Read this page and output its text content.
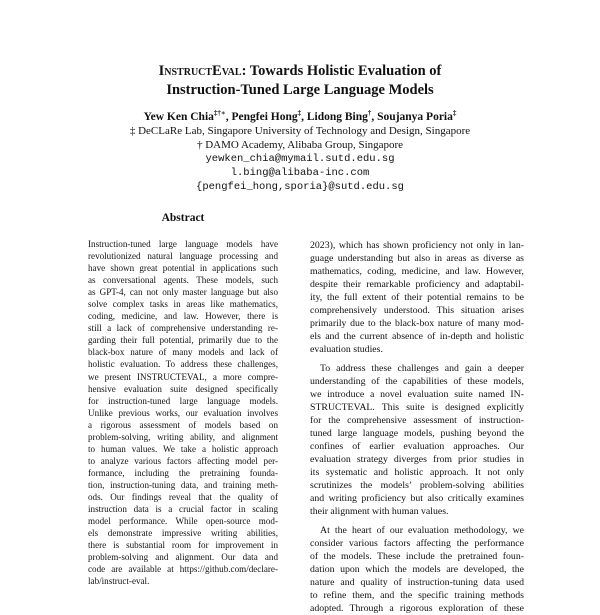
InstructEval: Towards Holistic Evaluation of
Instruction-Tuned Large Language Models
Yew Ken Chia‡†∗, Pengfei Hong‡, Lidong Bing†, Soujanya Poria‡
‡ DeCLaRe Lab, Singapore University of Technology and Design, Singapore
† DAMO Academy, Alibaba Group, Singapore
yewken_chia@mymail.sutd.edu.sg
l.bing@alibaba-inc.com
{pengfei_hong,sporia}@sutd.edu.sg
Abstract
Instruction-tuned large language models have
revolutionized natural language processing and
have shown great potential in applications such
as conversational agents. These models, such
as GPT-4, can not only master language but also
solve complex tasks in areas like mathematics,
coding, medicine, and law. However, there is
still a lack of comprehensive understanding re-
garding their full potential, primarily due to the
black-box nature of many models and lack of
holistic evaluation. To address these challenges,
we present INSTRUCTEVAL, a more compre-
hensive evaluation suite designed specifically
for instruction-tuned large language models.
Unlike previous works, our evaluation involves
a rigorous assessment of models based on
problem-solving, writing ability, and alignment
to human values. We take a holistic approach
to analyze various factors affecting model per-
formance, including the pretraining founda-
tion, instruction-tuning data, and training meth-
ods. Our findings reveal that the quality of
instruction data is a crucial factor in scaling
model performance. While open-source mod-
els demonstrate impressive writing abilities,
there is substantial room for improvement in
problem-solving and alignment. Our data and
code are available at https://github.com/declare-
lab/instruct-eval.
2023), which has shown proficiency not only in lan-
guage understanding but also in areas as diverse as
mathematics, coding, medicine, and law. However,
despite their remarkable proficiency and adaptabil-
ity, the full extent of their potential remains to be
comprehensively understood. This situation arises
primarily due to the black-box nature of many mod-
els and the current absence of in-depth and holistic
evaluation studies.
To address these challenges and gain a deeper
understanding of the capabilities of these models,
we introduce a novel evaluation suite named IN-
STRUCTEVAL. This suite is designed explicitly
for the comprehensive assessment of instruction-
tuned large language models, pushing beyond the
confines of earlier evaluation approaches. Our
evaluation strategy diverges from prior studies in
its systematic and holistic approach. It not only
scrutinizes the models’ problem-solving abilities
and writing proficiency but also critically examines
their alignment with human values.
At the heart of our evaluation methodology, we
consider various factors affecting the performance
of the models. These include the pretrained foun-
dation upon which the models are developed, the
nature and quality of instruction-tuning data used
to refine them, and the specific training methods
adopted. Through a rigorous exploration of these
